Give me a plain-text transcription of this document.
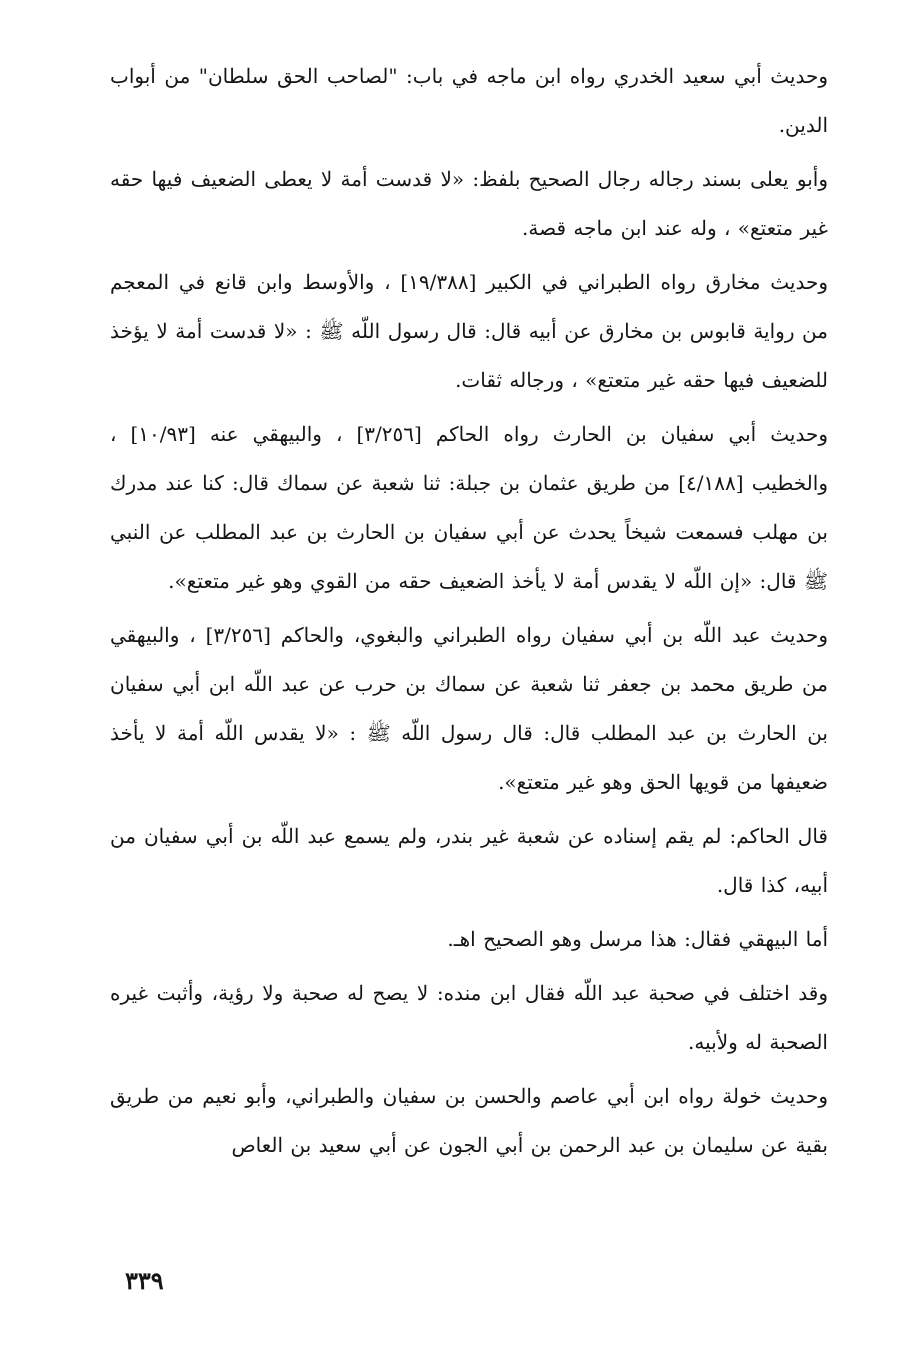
وحديث أبي سعيد الخدري رواه ابن ماجه في باب: "لصاحب الحق سلطان" من أبواب الدين.

وأبو يعلى بسند رجاله رجال الصحيح بلفظ: «لا قدست أمة لا يعطى الضعيف فيها حقه غير متعتع» ، وله عند ابن ماجه قصة.

وحديث مخارق رواه الطبراني في الكبير [١٩/٣٨٨] ، والأوسط وابن قانع في المعجم من رواية قابوس بن مخارق عن أبيه قال: قال رسول اللّه ﷺ : «لا قدست أمة لا يؤخذ للضعيف فيها حقه غير متعتع» ، ورجاله ثقات.

وحديث أبي سفيان بن الحارث رواه الحاكم [٣/٢٥٦] ، والبيهقي عنه [١٠/٩٣] ، والخطيب [٤/١٨٨] من طريق عثمان بن جبلة: ثنا شعبة عن سماك قال: كنا عند مدرك بن مهلب فسمعت شيخاً يحدث عن أبي سفيان بن الحارث بن عبد المطلب عن النبي ﷺ قال: «إن اللّه لا يقدس أمة لا يأخذ الضعيف حقه من القوي وهو غير متعتع».

وحديث عبد اللّه بن أبي سفيان رواه الطبراني والبغوي، والحاكم [٣/٢٥٦] ، والبيهقي من طريق محمد بن جعفر ثنا شعبة عن سماك بن حرب عن عبد اللّه ابن أبي سفيان بن الحارث بن عبد المطلب قال: قال رسول اللّه ﷺ : «لا يقدس اللّه أمة لا يأخذ ضعيفها من قويها الحق وهو غير متعتع».

قال الحاكم: لم يقم إسناده عن شعبة غير بندر، ولم يسمع عبد اللّه بن أبي سفيان من أبيه، كذا قال.

أما البيهقي فقال: هذا مرسل وهو الصحيح اهـ.

وقد اختلف في صحبة عبد اللّه فقال ابن منده: لا يصح له صحبة ولا رؤية، وأثبت غيره الصحبة له ولأبيه.

وحديث خولة رواه ابن أبي عاصم والحسن بن سفيان والطبراني، وأبو نعيم من طريق بقية عن سليمان بن عبد الرحمن بن أبي الجون عن أبي سعيد بن العاص

٣٣٩
